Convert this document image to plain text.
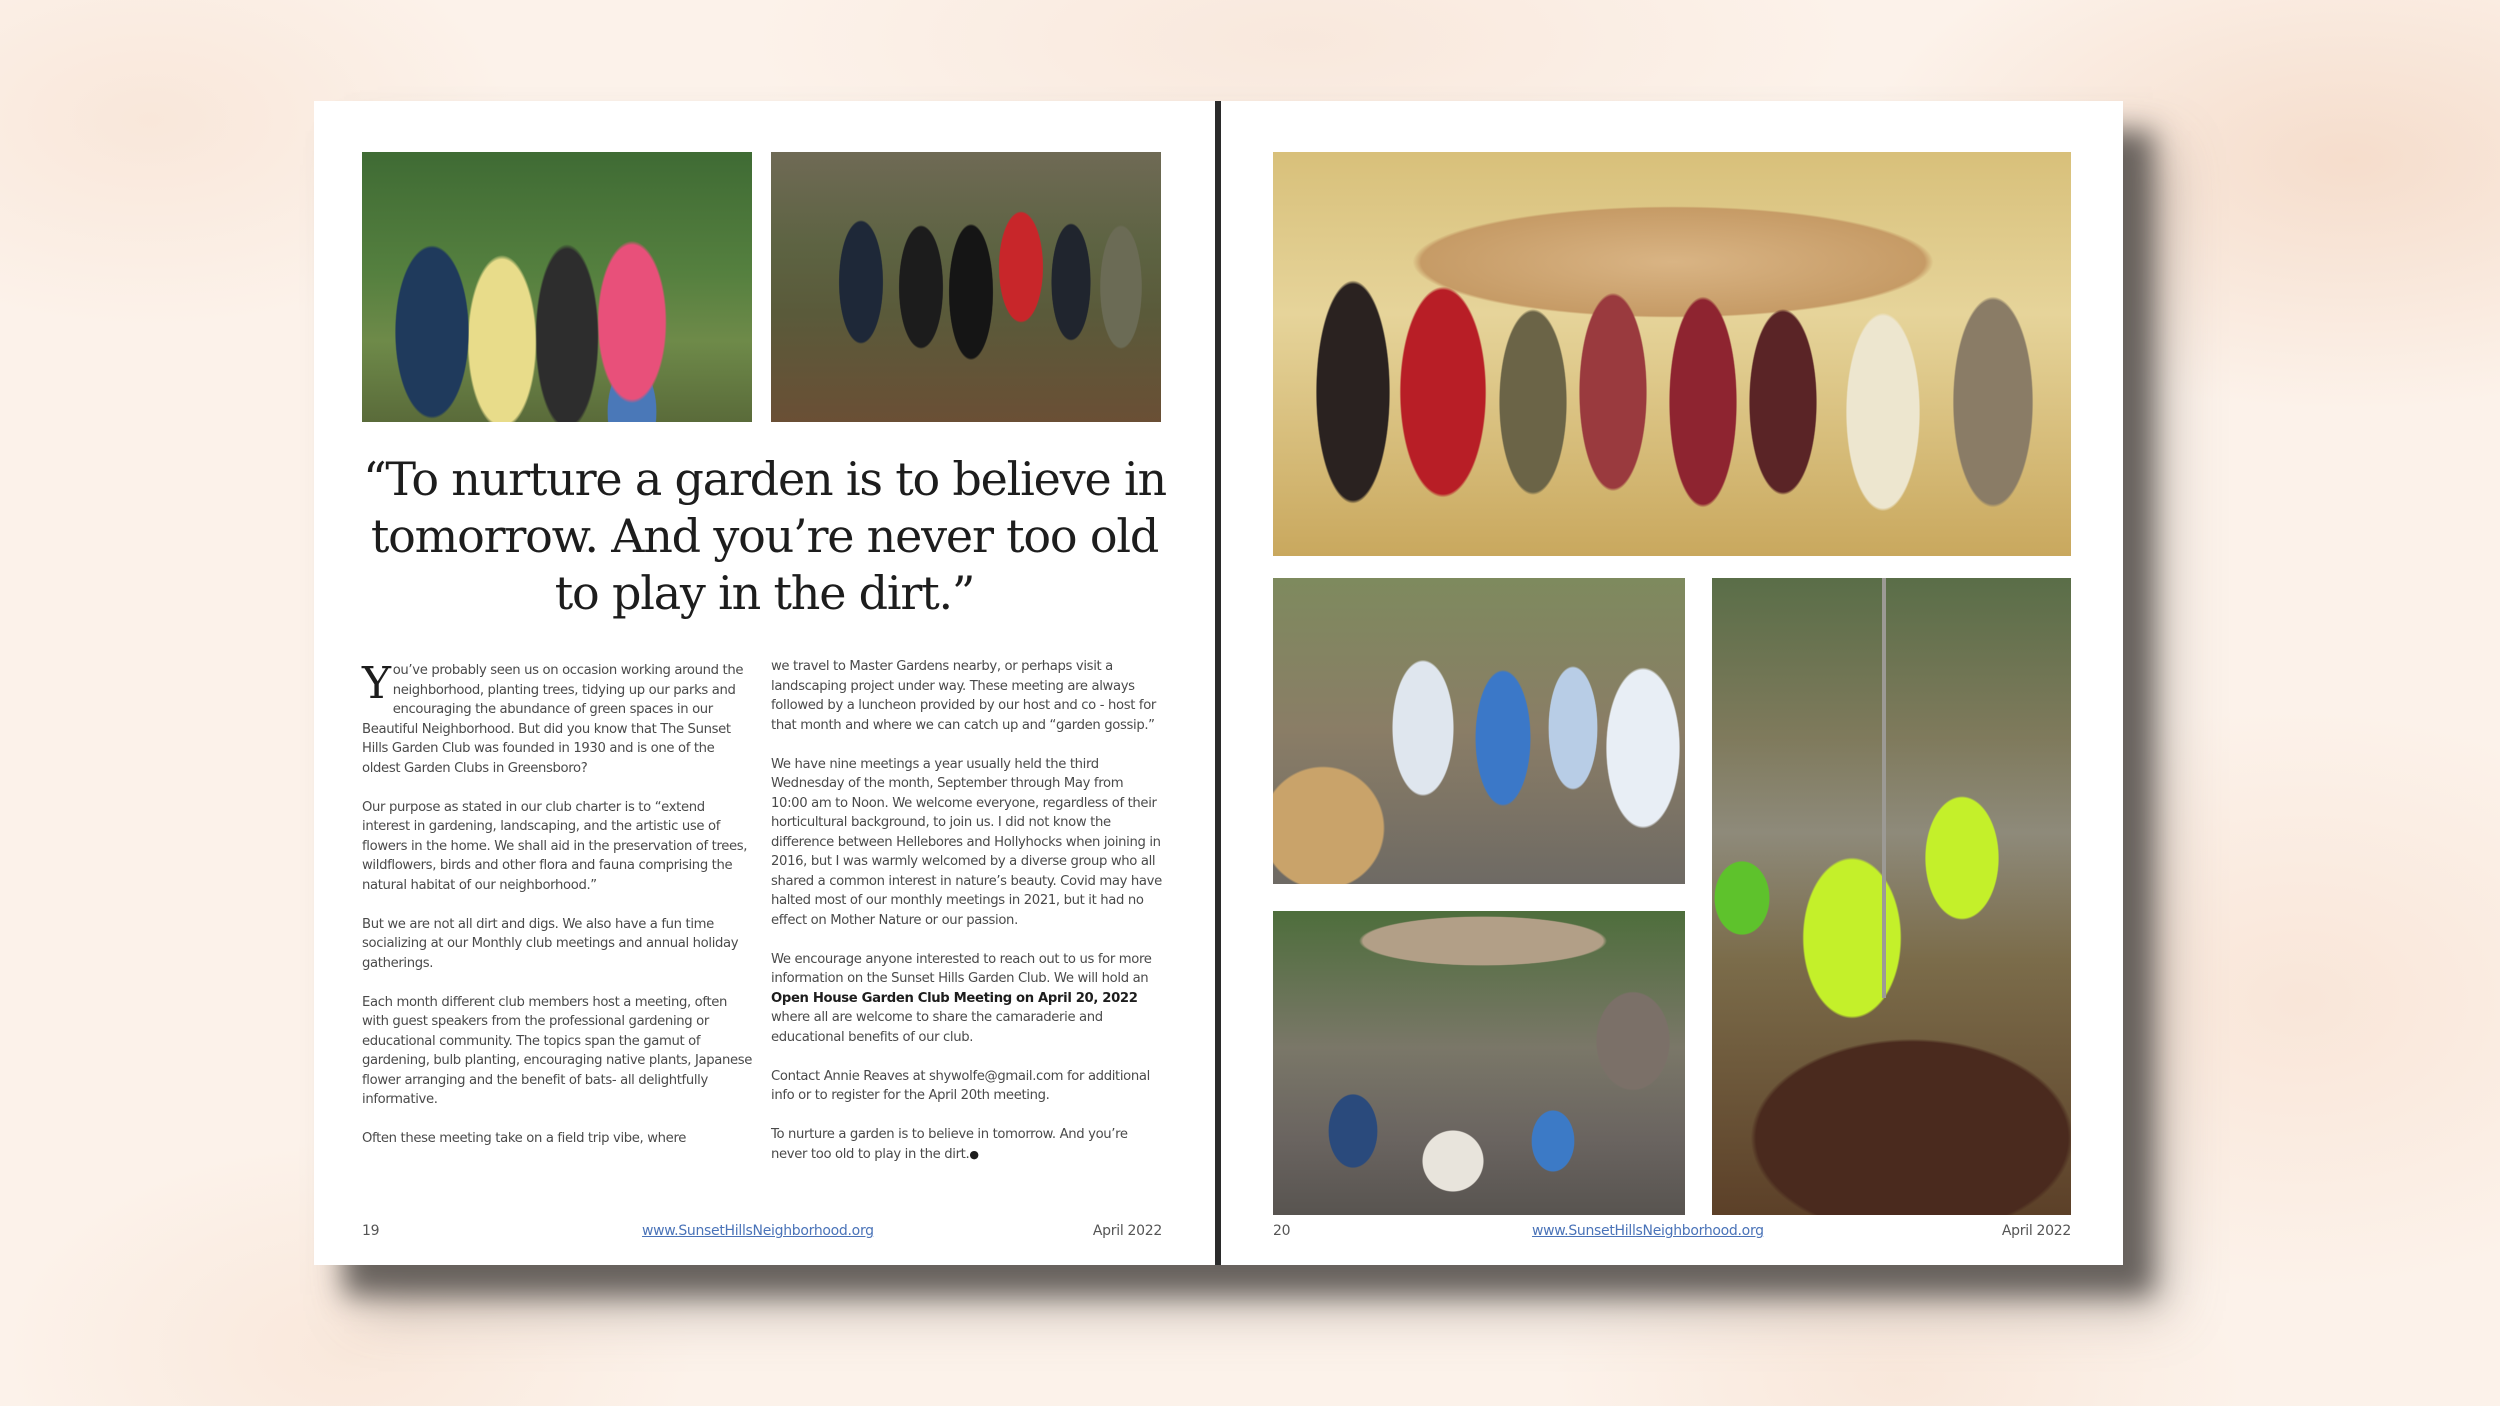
“To nurture a garden is to believe in tomorrow. And you’re never too old to play in the dirt.”

You’ve probably seen us on occasion working around the neighborhood, planting trees, tidying up our parks and encouraging the abundance of green spaces in our Beautiful Neighborhood. But did you know that The Sunset Hills Garden Club was founded in 1930 and is one of the oldest Garden Clubs in Greensboro?

Our purpose as stated in our club charter is to “extend interest in gardening, landscaping, and the artistic use of flowers in the home. We shall aid in the preservation of trees, wildflowers, birds and other flora and fauna comprising the natural habitat of our neighborhood.”

But we are not all dirt and digs. We also have a fun time socializing at our Monthly club meetings and annual holiday gatherings.

Each month different club members host a meeting, often with guest speakers from the professional gardening or educational community. The topics span the gamut of gardening, bulb planting, encouraging native plants, Japanese flower arranging and the benefit of bats- all delightfully informative.

Often these meeting take on a field trip vibe, where

we travel to Master Gardens nearby, or perhaps visit a landscaping project under way. These meeting are always followed by a luncheon provided by our host and co - host for that month and where we can catch up and “garden gossip.”

We have nine meetings a year usually held the third Wednesday of the month, September through May from 10:00 am to Noon. We welcome everyone, regardless of their horticultural background, to join us. I did not know the difference between Hellebores and Hollyhocks when joining in 2016, but I was warmly welcomed by a diverse group who all shared a common interest in nature’s beauty. Covid may have halted most of our monthly meetings in 2021, but it had no effect on Mother Nature or our passion.

We encourage anyone interested to reach out to us for more information on the Sunset Hills Garden Club. We will hold an Open House Garden Club Meeting on April 20, 2022 where all are welcome to share the camaraderie and educational benefits of our club.

Contact Annie Reaves at shywolfe@gmail.com for additional info or to register for the April 20th meeting.

To nurture a garden is to believe in tomorrow. And you’re never too old to play in the dirt.●

19	www.SunsetHillsNeighborhood.org	April 2022	20	www.SunsetHillsNeighborhood.org	April 2022
